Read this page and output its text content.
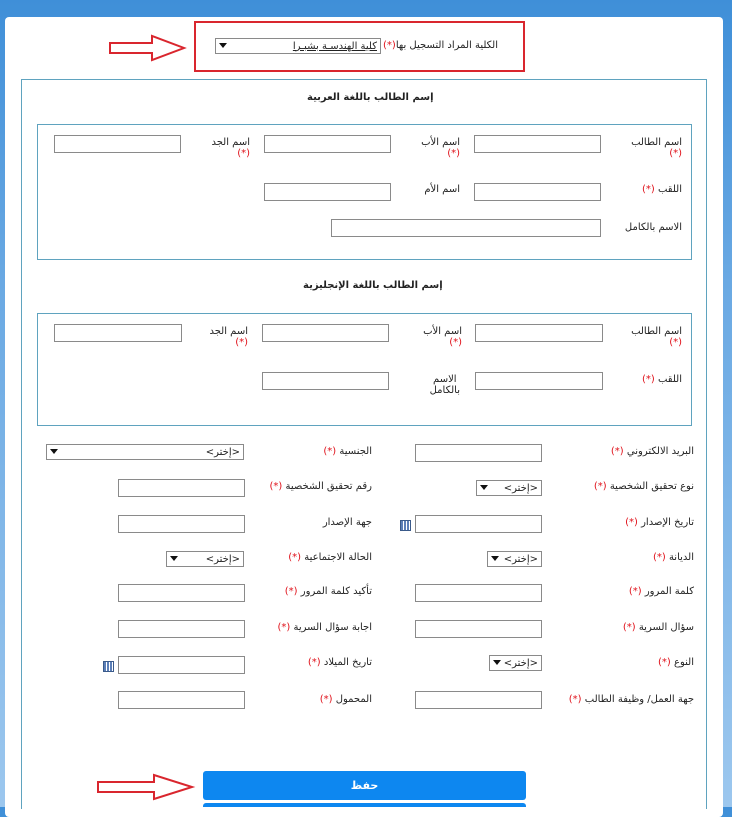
الكلية المراد التسجيل بها(*)
كلية الهندسـة بشبـرا
إسم الطالب باللغة العربية
اسم الطالب
(*)
اسم الأب
(*)
اسم الجد
(*)
اللقب (*)
اسم الأم
الاسم بالكامل
إسم الطالب باللغة الإنجليزية
اسم الطالب
(*)
اسم الأب
(*)
اسم الجد
(*)
اللقب (*)
الاسم
بالكامل
البريد الالكتروني (*)
الجنسية (*)
<إختر>
نوع تحقيق الشخصية (*)
<إختر>
رقم تحقيق الشخصية (*)
تاريخ الإصدار (*)
جهة الإصدار
الديانة (*)
<إختر>
الحالة الاجتماعية (*)
<إختر>
كلمة المرور (*)
تأكيد كلمة المرور (*)
سؤال السرية (*)
اجابة سؤال السرية (*)
النوع (*)
<إختر>
تاريخ الميلاد (*)
جهة العمل/ وظيفة الطالب (*)
المحمول (*)
حفظ
